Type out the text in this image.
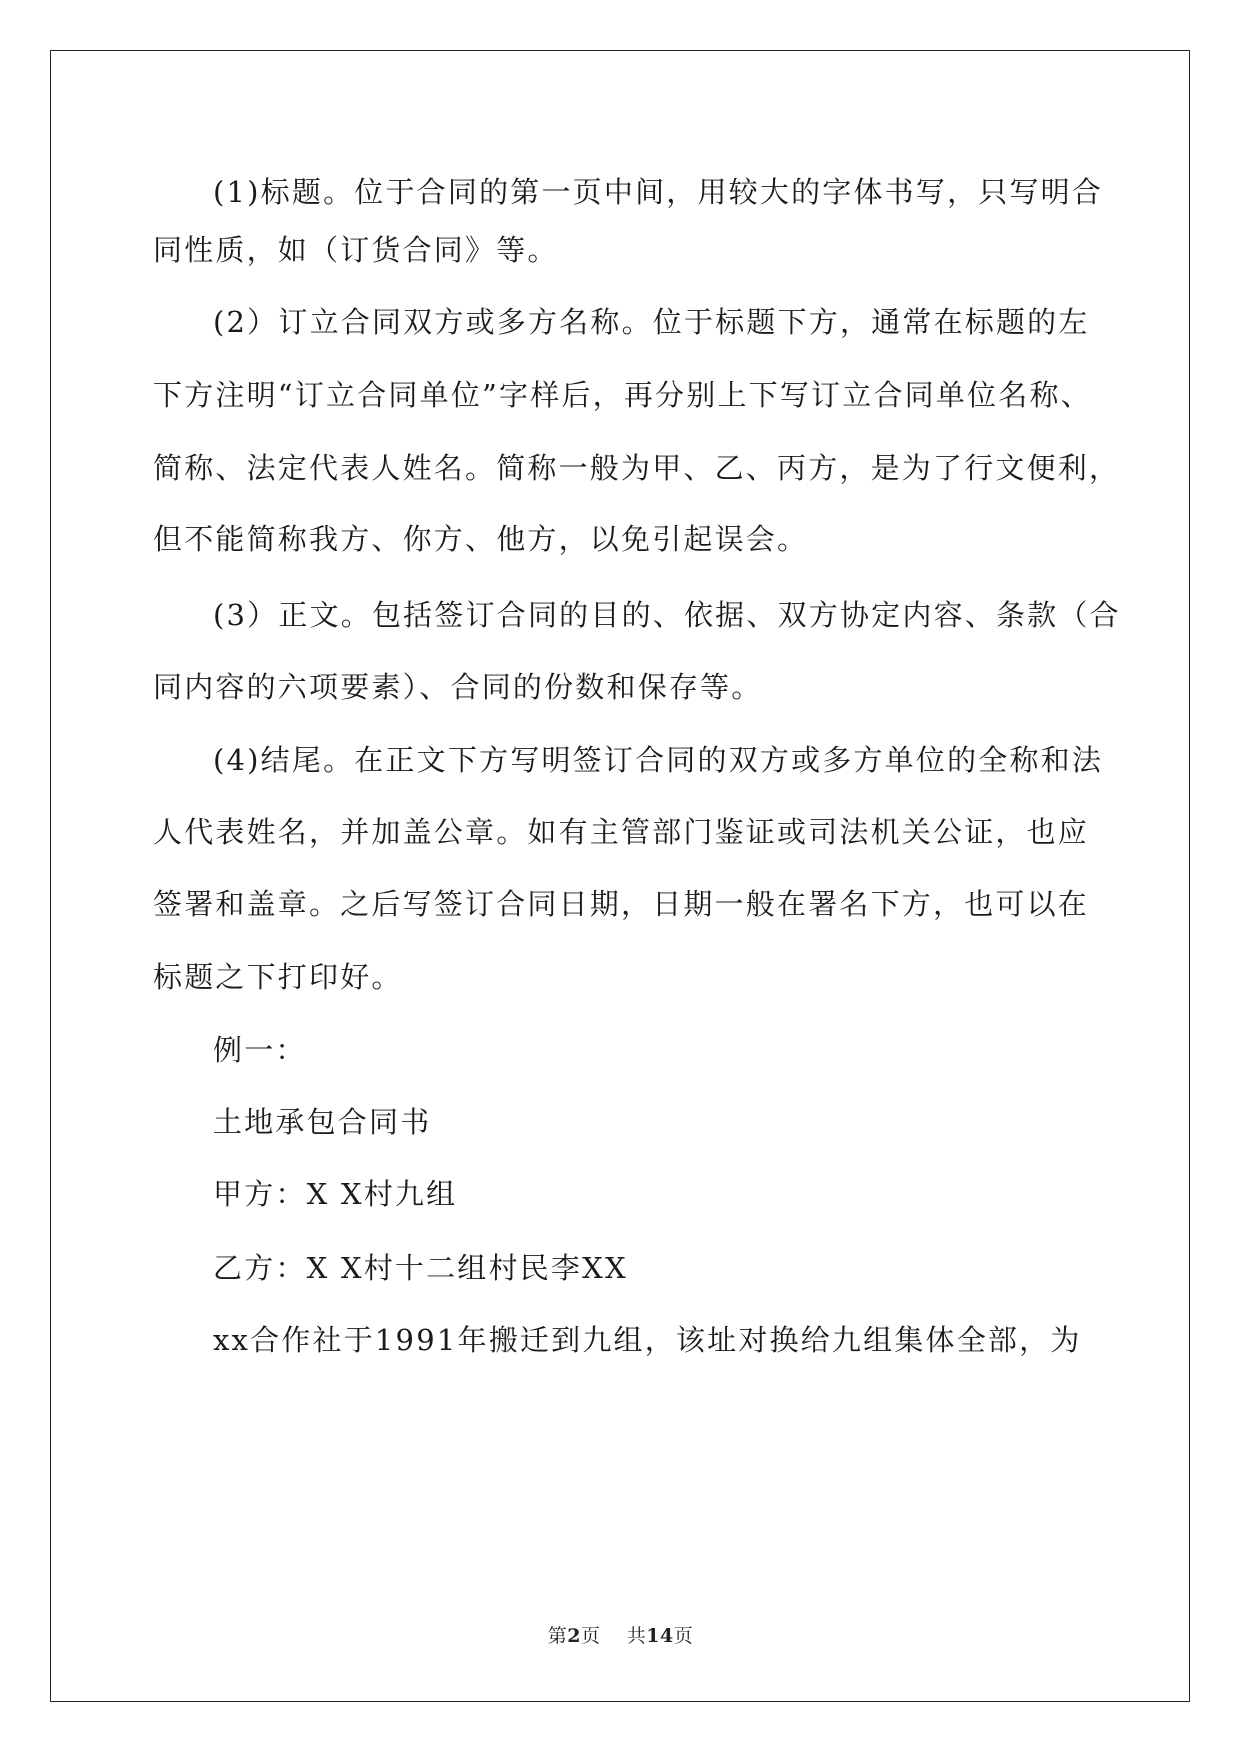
(1)标题。位于合同的第一页中间，用较大的字体书写，只写明合
同性质，如（订货合同》等。
(2）订立合同双方或多方名称。位于标题下方，通常在标题的左
下方注明“订立合同单位”字样后，再分别上下写订立合同单位名称、
简称、法定代表人姓名。简称一般为甲、乙、丙方，是为了行文便利，
但不能简称我方、你方、他方，以免引起误会。
(3）正文。包括签订合同的目的、依据、双方协定内容、条款（合
同内容的六项要素）、合同的份数和保存等。
(4)结尾。在正文下方写明签订合同的双方或多方单位的全称和法
人代表姓名，并加盖公章。如有主管部门鉴证或司法机关公证，也应
签署和盖章。之后写签订合同日期，日期一般在署名下方，也可以在
标题之下打印好。
例一：
土地承包合同书
甲方：X X村九组
乙方：X X村十二组村民李XX
xx合作社于1991年搬迁到九组，该址对换给九组集体全部，为
第2页 共14页
